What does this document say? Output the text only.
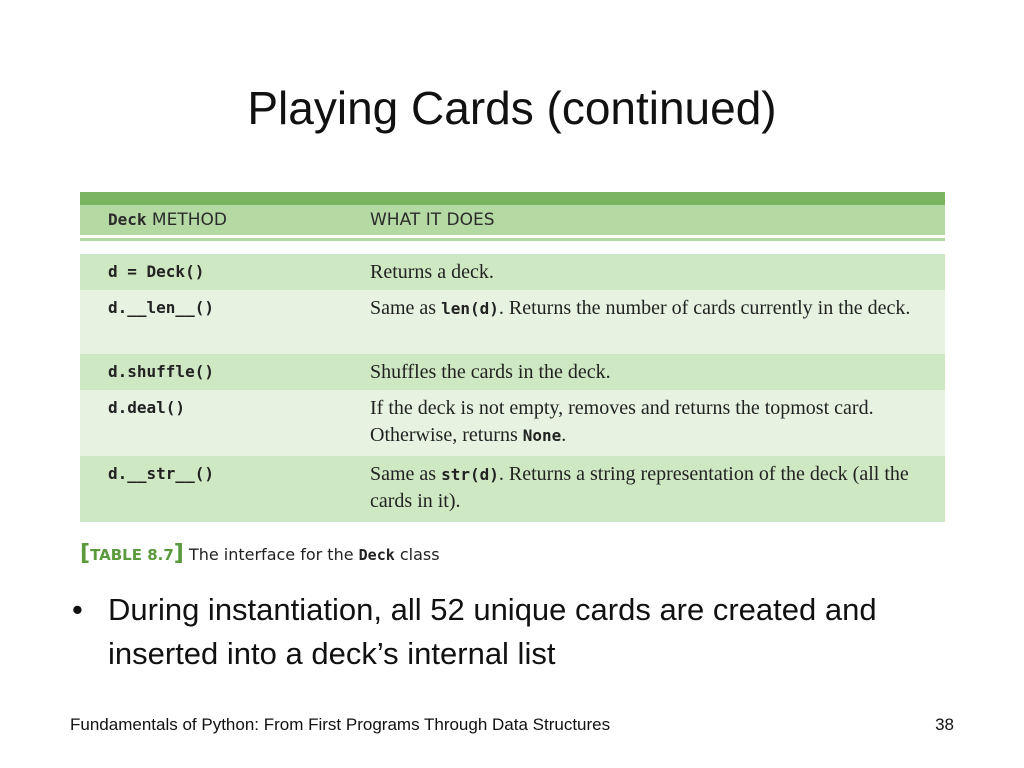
Playing Cards (continued)
Deck METHOD	WHAT IT DOES
d = Deck()	Returns a deck.
d.__len__()	Same as len(d). Returns the number of cards currently in the deck.
d.shuffle()	Shuffles the cards in the deck.
d.deal()	If the deck is not empty, removes and returns the topmost card. Otherwise, returns None.
d.__str__()	Same as str(d). Returns a string representation of the deck (all the cards in it).
[TABLE 8.7] The interface for the Deck class
• During instantiation, all 52 unique cards are created and inserted into a deck’s internal list
Fundamentals of Python: From First Programs Through Data Structures	38
